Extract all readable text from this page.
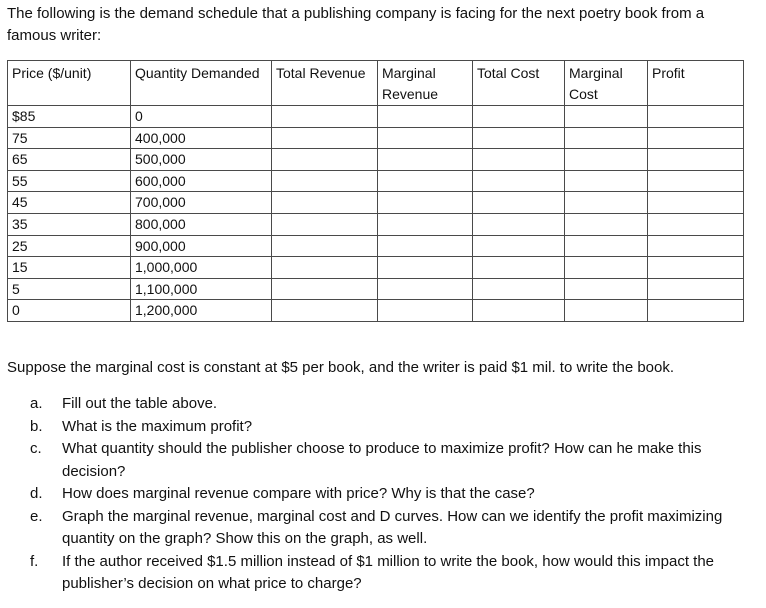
The following is the demand schedule that a publishing company is facing for the next poetry book from a famous writer:

Price ($/unit)	Quantity Demanded	Total Revenue	Marginal Revenue	Total Cost	Marginal Cost	Profit
$85	0					
75	400,000					
65	500,000					
55	600,000					
45	700,000					
35	800,000					
25	900,000					
15	1,000,000					
5	1,100,000					
0	1,200,000					

Suppose the marginal cost is constant at $5 per book, and the writer is paid $1 mil. to write the book.

a. Fill out the table above.
b. What is the maximum profit?
c. What quantity should the publisher choose to produce to maximize profit? How can he make this decision?
d. How does marginal revenue compare with price? Why is that the case?
e. Graph the marginal revenue, marginal cost and D curves. How can we identify the profit maximizing quantity on the graph? Show this on the graph, as well.
f. If the author received $1.5 million instead of $1 million to write the book, how would this impact the publisher’s decision on what price to charge?
